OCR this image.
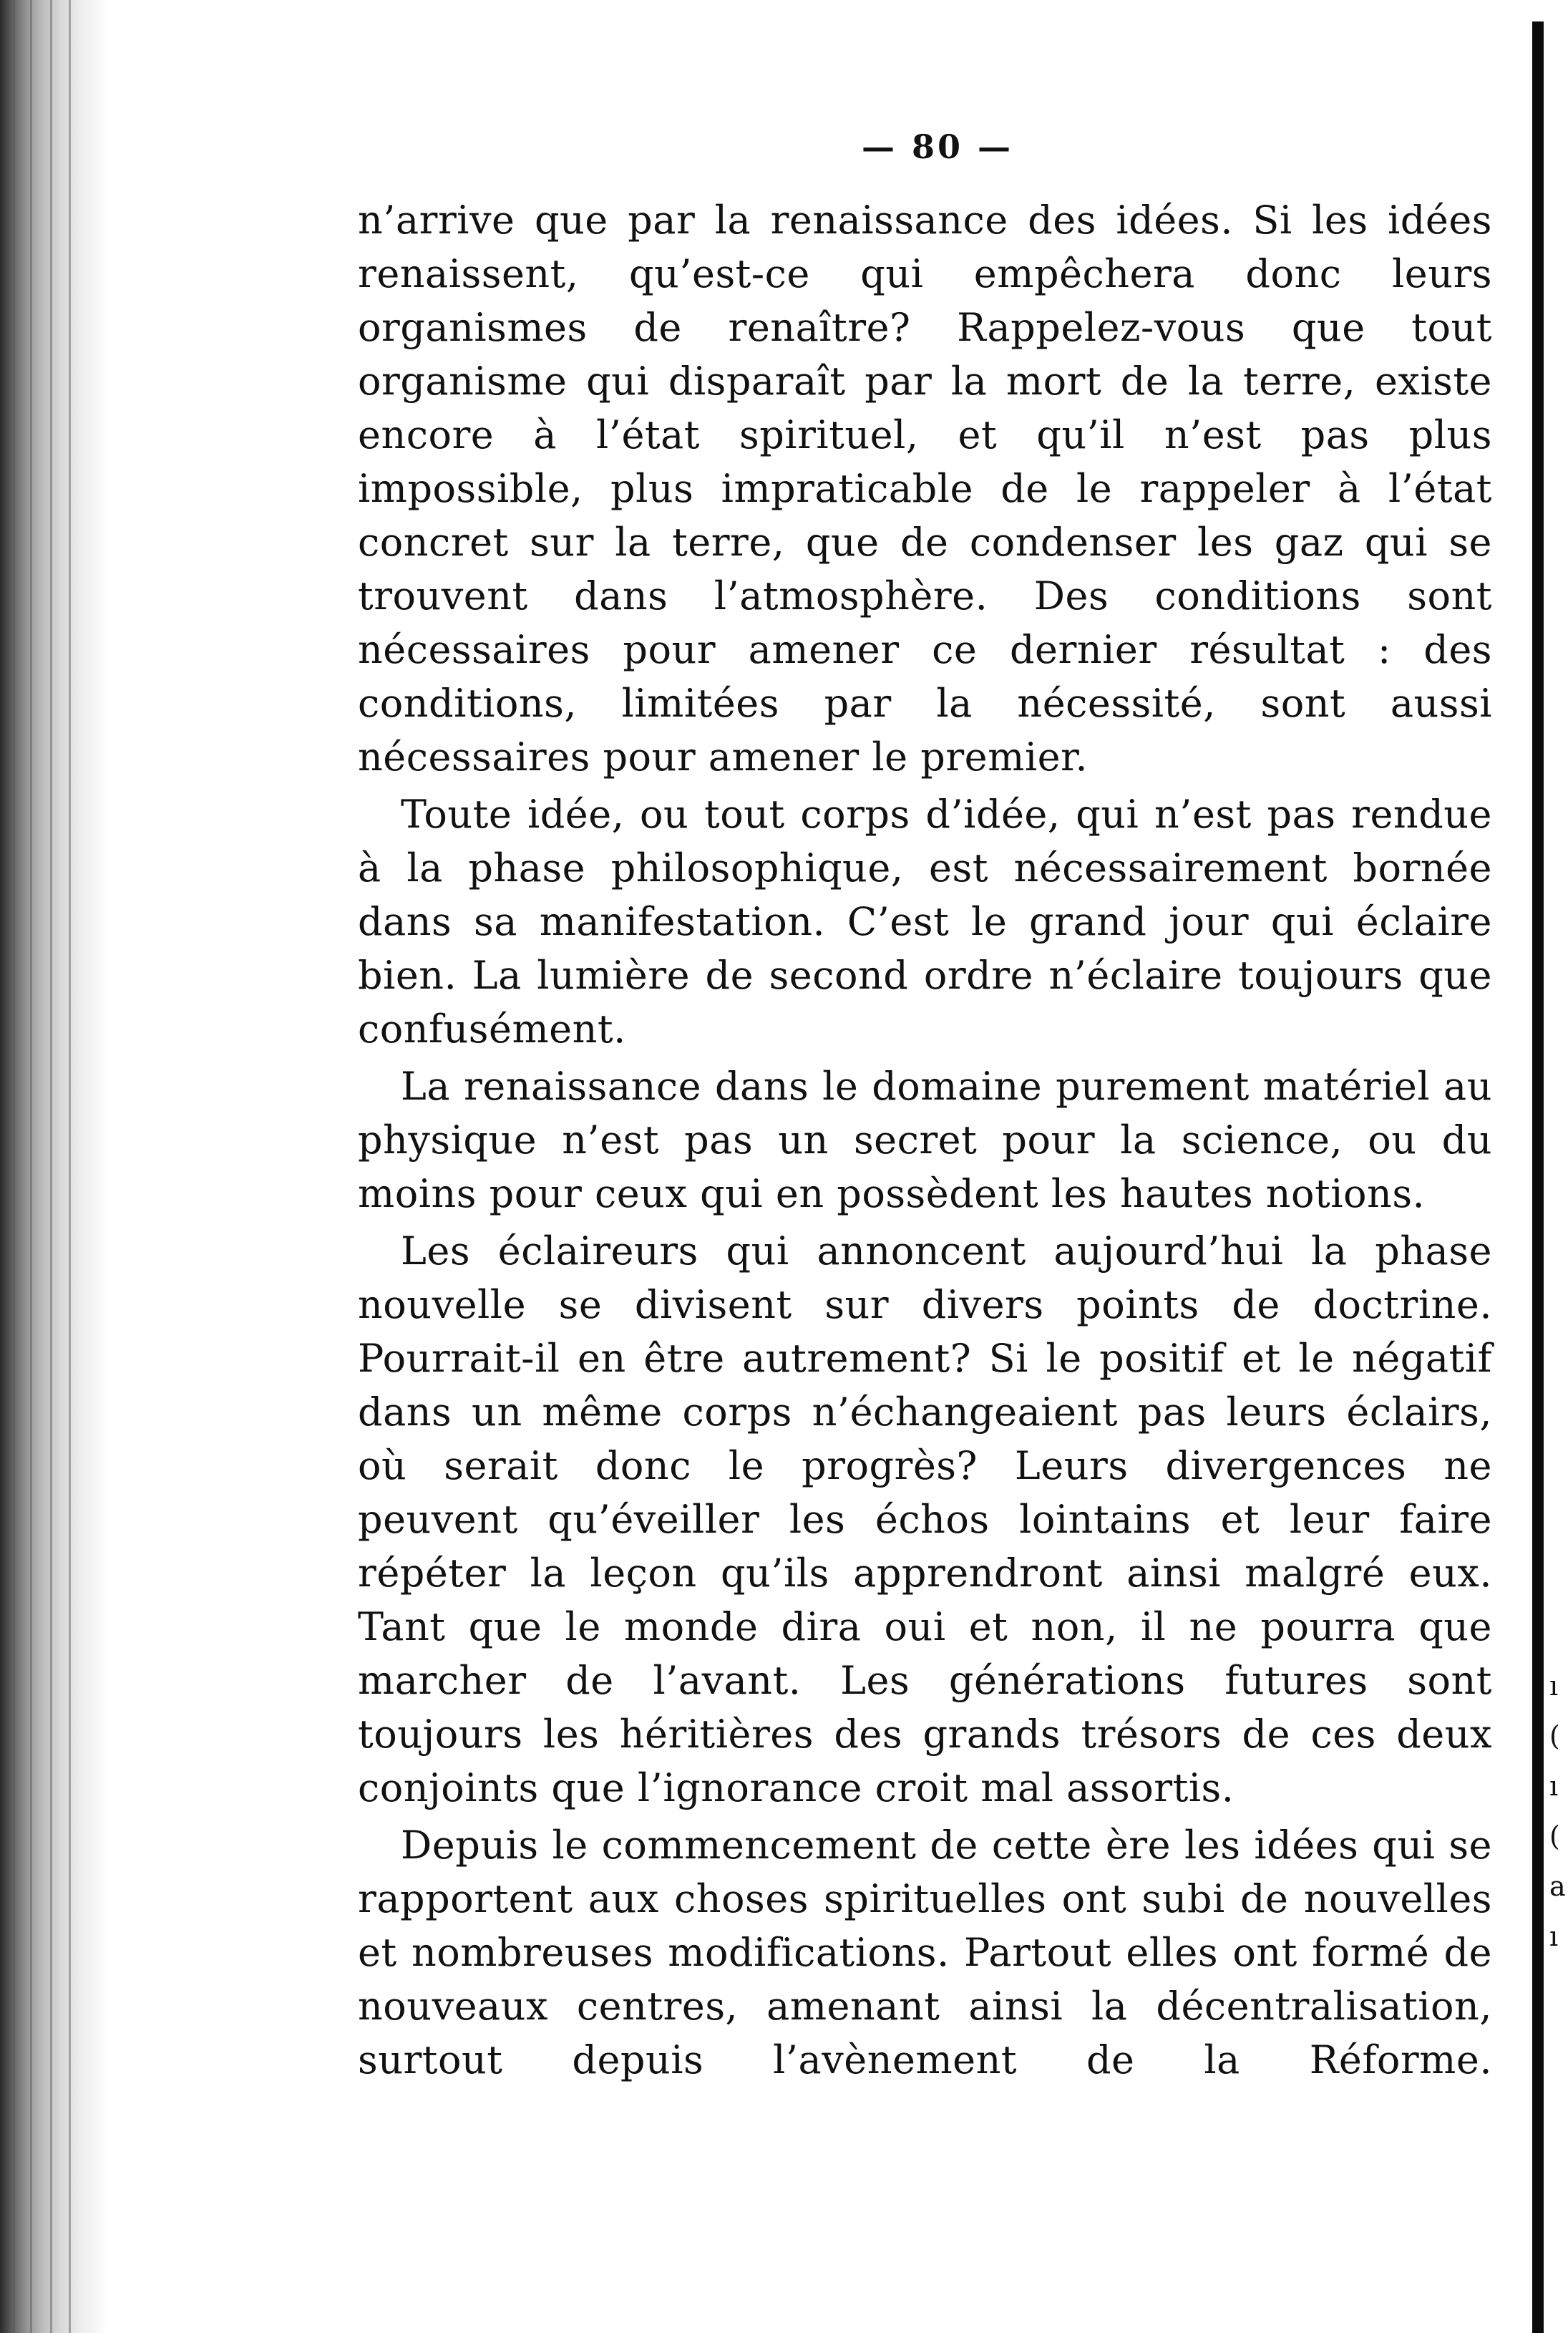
ı
(
ı
(
a
ı
— 80 —

n’arrive que par la renaissance des idées. Si les idées renaissent, qu’est-ce qui empêchera donc leurs organismes de renaître? Rappelez-vous que tout organisme qui disparaît par la mort de la terre, existe encore à l’état spirituel, et qu’il n’est pas plus impossible, plus impraticable de le rappeler à l’état concret sur la terre, que de condenser les gaz qui se trouvent dans l’atmosphère. Des conditions sont nécessaires pour amener ce dernier résultat : des conditions, limitées par la nécessité, sont aussi nécessaires pour amener le premier.

Toute idée, ou tout corps d’idée, qui n’est pas rendue à la phase philosophique, est nécessairement bornée dans sa manifestation. C’est le grand jour qui éclaire bien. La lumière de second ordre n’éclaire toujours que confusément.

La renaissance dans le domaine purement matériel au physique n’est pas un secret pour la science, ou du moins pour ceux qui en possèdent les hautes notions.

Les éclaireurs qui annoncent aujourd’hui la phase nouvelle se divisent sur divers points de doctrine. Pourrait-il en être autrement? Si le positif et le négatif dans un même corps n’échangeaient pas leurs éclairs, où serait donc le progrès? Leurs divergences ne peuvent qu’éveiller les échos lointains et leur faire répéter la leçon qu’ils apprendront ainsi malgré eux. Tant que le monde dira oui et non, il ne pourra que marcher de l’avant. Les générations futures sont toujours les héritières des grands trésors de ces deux conjoints que l’ignorance croit mal assortis.

Depuis le commencement de cette ère les idées qui se rapportent aux choses spirituelles ont subi de nouvelles et nombreuses modifications. Partout elles ont formé de nouveaux centres, amenant ainsi la décentralisation, surtout depuis l’avènement de la Réforme.
